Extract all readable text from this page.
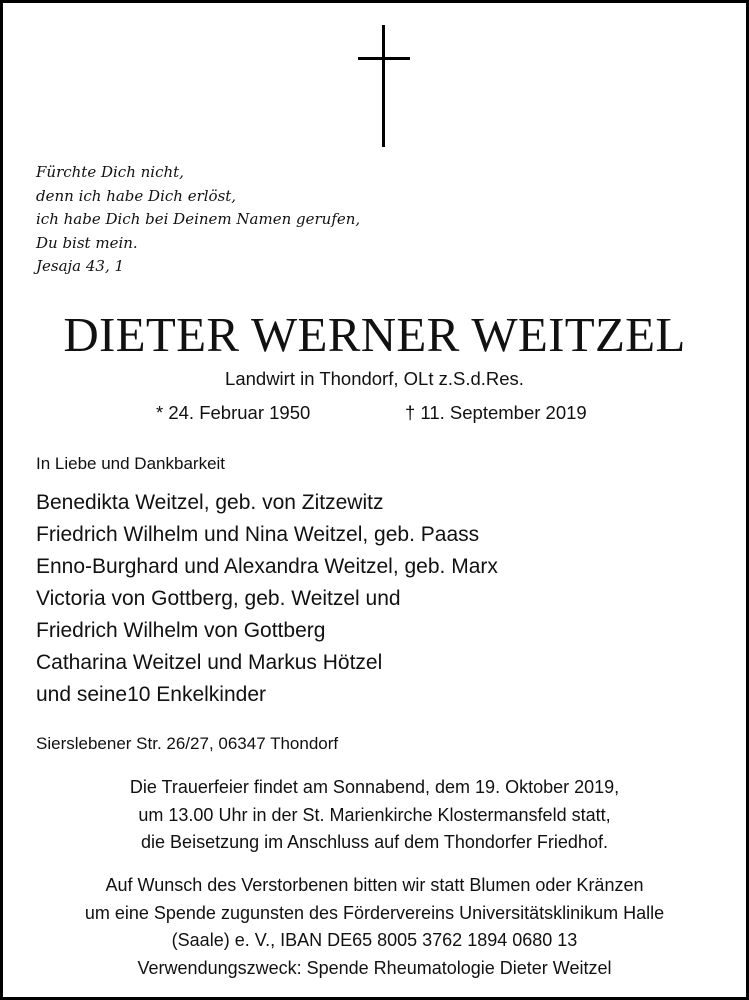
Fürchte Dich nicht,
denn ich habe Dich erlöst,
ich habe Dich bei Deinem Namen gerufen,
Du bist mein.
Jesaja 43, 1
DIETER WERNER WEITZEL
Landwirt in Thondorf, OLt z.S.d.Res.
* 24. Februar 1950	† 11. September 2019
In Liebe und Dankbarkeit
Benedikta Weitzel, geb. von Zitzewitz
Friedrich Wilhelm und Nina Weitzel, geb. Paass
Enno-Burghard und Alexandra Weitzel, geb. Marx
Victoria von Gottberg, geb. Weitzel und
Friedrich Wilhelm von Gottberg
Catharina Weitzel und Markus Hötzel
und seine10 Enkelkinder
Sierslebener Str. 26/27, 06347 Thondorf
Die Trauerfeier findet am Sonnabend, dem 19. Oktober 2019,
um 13.00 Uhr in der St. Marienkirche Klostermansfeld statt,
die Beisetzung im Anschluss auf dem Thondorfer Friedhof.
Auf Wunsch des Verstorbenen bitten wir statt Blumen oder Kränzen
um eine Spende zugunsten des Fördervereins Universitätsklinikum Halle
(Saale) e. V., IBAN DE65 8005 3762 1894 0680 13
Verwendungszweck: Spende Rheumatologie Dieter Weitzel
